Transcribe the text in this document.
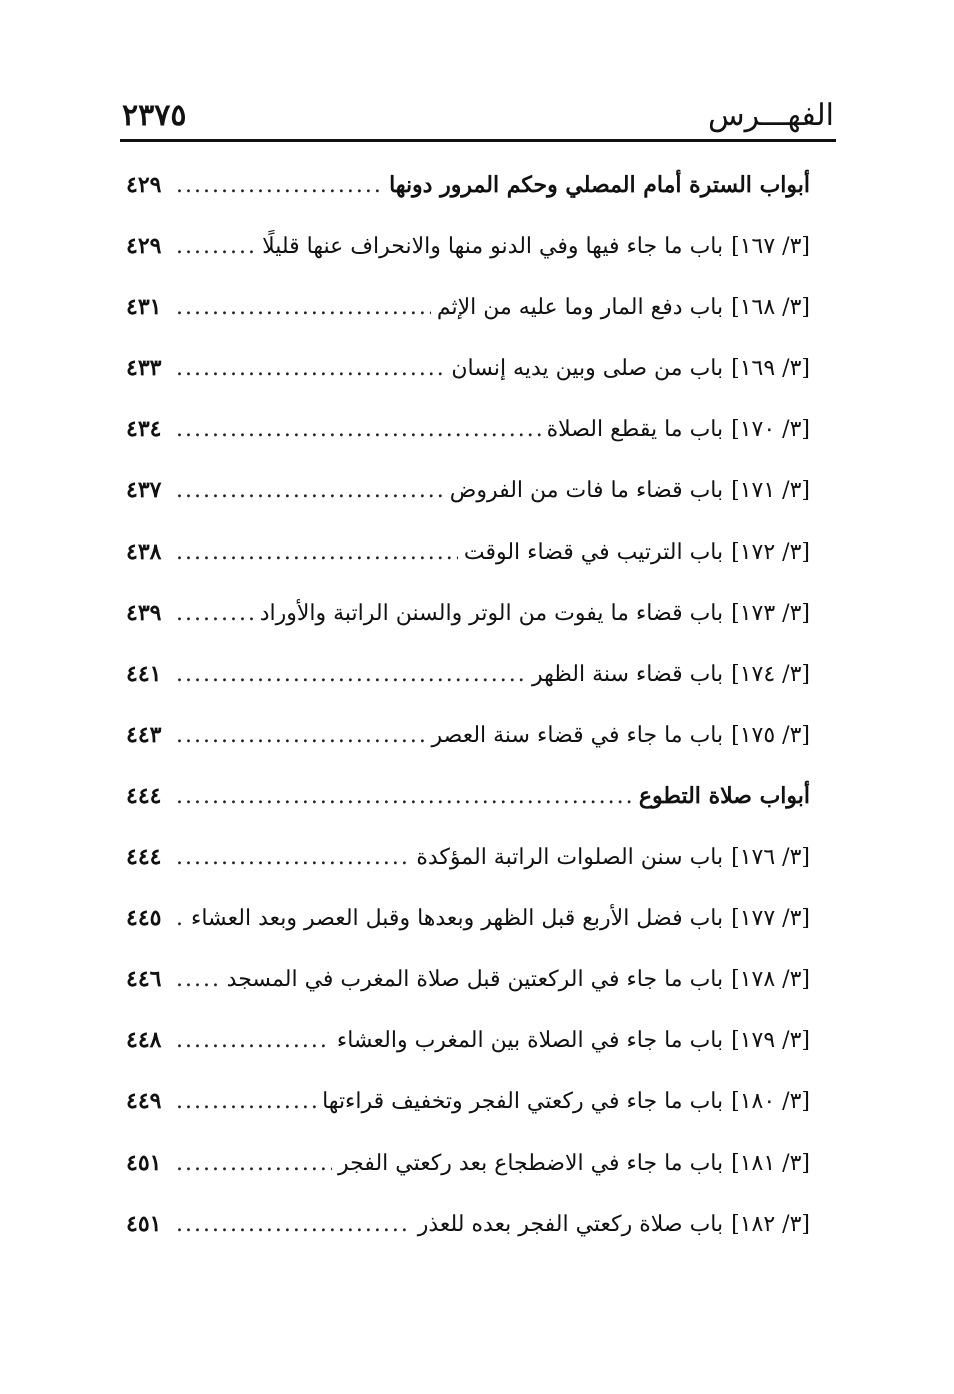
الفهـــرس
٢٣٧٥
أبواب السترة أمام المصلي وحكم المرور دونها
.....
٤٢٩
[٣/ ١٦٧]
باب ما جاء فيها وفي الدنو منها والانحراف عنها قليلًا
.....
٤٢٩
[٣/ ١٦٨]
باب دفع المار وما عليه من الإثم
.....
٤٣١
[٣/ ١٦٩]
باب من صلى وبين يديه إنسان
.....
٤٣٣
[٣/ ١٧٠]
باب ما يقطع الصلاة
.....
٤٣٤
[٣/ ١٧١]
باب قضاء ما فات من الفروض
.....
٤٣٧
[٣/ ١٧٢]
باب الترتيب في قضاء الوقت
.....
٤٣٨
[٣/ ١٧٣]
باب قضاء ما يفوت من الوتر والسنن الراتبة والأوراد
.....
٤٣٩
[٣/ ١٧٤]
باب قضاء سنة الظهر
.....
٤٤١
[٣/ ١٧٥]
باب ما جاء في قضاء سنة العصر
.....
٤٤٣
أبواب صلاة التطوع
.....
٤٤٤
[٣/ ١٧٦]
باب سنن الصلوات الراتبة المؤكدة
.....
٤٤٤
[٣/ ١٧٧]
باب فضل الأربع قبل الظهر وبعدها وقبل العصر وبعد العشاء
.....
٤٤٥
[٣/ ١٧٨]
باب ما جاء في الركعتين قبل صلاة المغرب في المسجد
.....
٤٤٦
[٣/ ١٧٩]
باب ما جاء في الصلاة بين المغرب والعشاء
.....
٤٤٨
[٣/ ١٨٠]
باب ما جاء في ركعتي الفجر وتخفيف قراءتها
.....
٤٤٩
[٣/ ١٨١]
باب ما جاء في الاضطجاع بعد ركعتي الفجر
.....
٤٥١
[٣/ ١٨٢]
باب صلاة ركعتي الفجر بعده للعذر
.....
٤٥١
